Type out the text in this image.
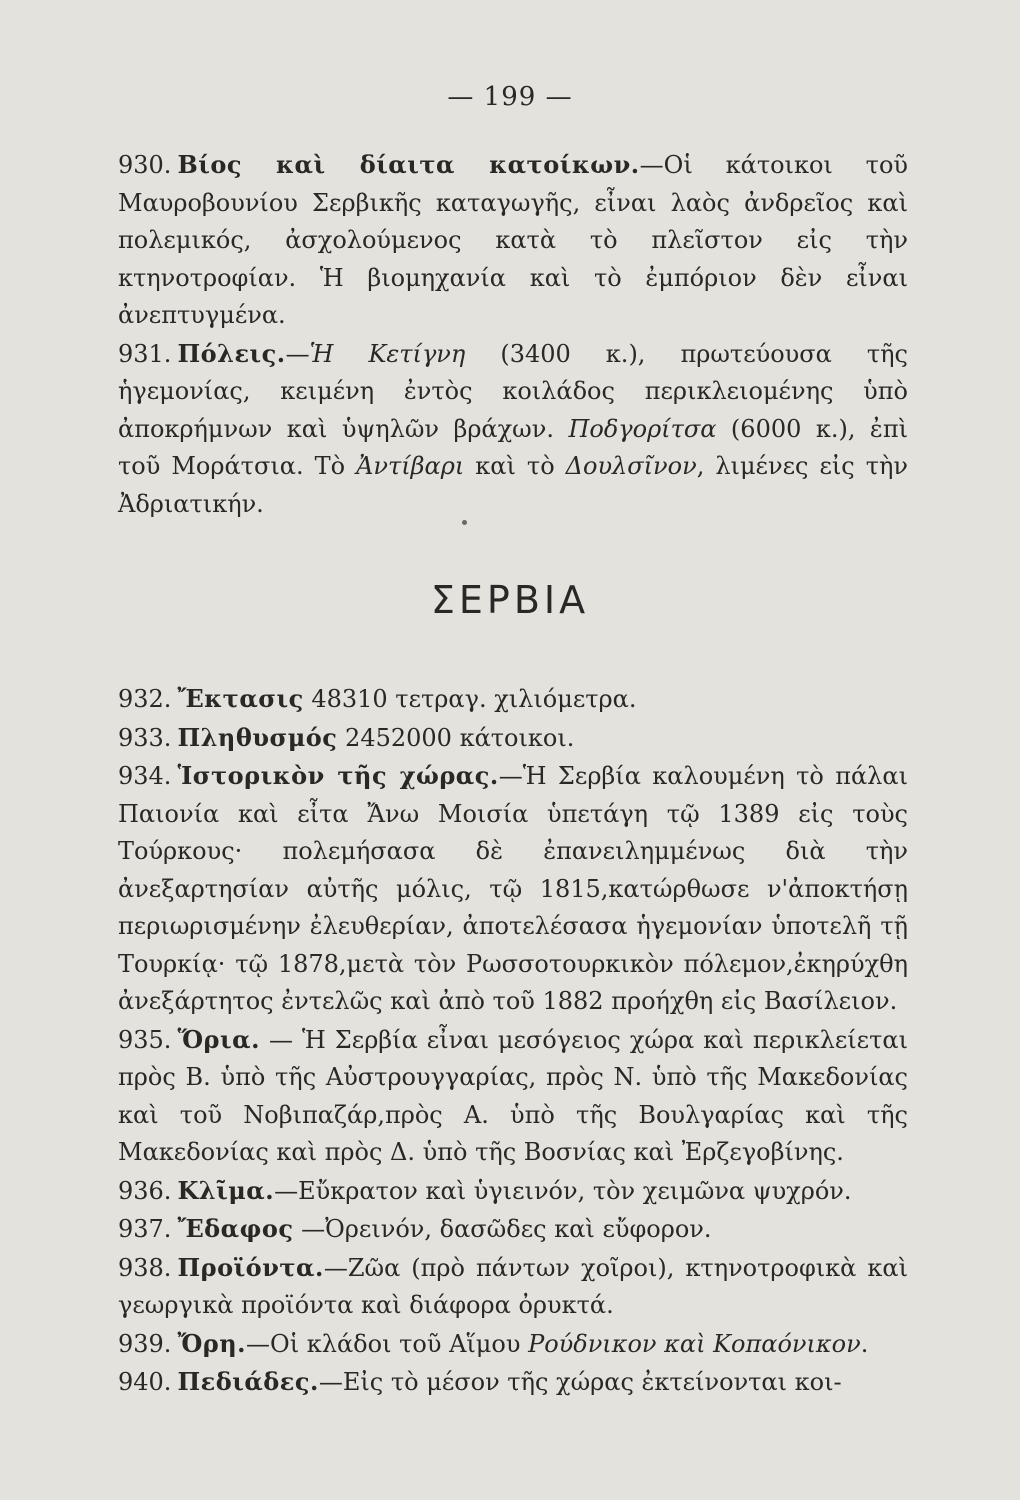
— 199 —

930. Βίος καὶ δίαιτα κατοίκων.—Οἱ κάτοικοι τοῦ Μαυροβουνίου Σερβικῆς καταγωγῆς, εἶναι λαὸς ἀνδρεῖος καὶ πολεμικός, ἀσχολούμενος κατὰ τὸ πλεῖστον εἰς τὴν κτηνοτροφίαν. Ἡ βιομηχανία καὶ τὸ ἐμπόριον δὲν εἶναι ἀνεπτυγμένα.

931. Πόλεις.—Ἡ Κετίγνη (3400 κ.), πρωτεύουσα τῆς ἡγεμονίας, κειμένη ἐντὸς κοιλάδος περικλειομένης ὑπὸ ἀποκρήμνων καὶ ὑψηλῶν βράχων. Ποδγορίτσα (6000 κ.), ἐπὶ τοῦ Μοράτσια. Τὸ Ἀντίβαρι καὶ τὸ Δουλσῖνον, λιμένες εἰς τὴν Ἀδριατικήν.

ΣΕΡΒΙΑ

932. Ἔκτασις 48310 τετραγ. χιλιόμετρα.

933. Πληθυσμός 2452000 κάτοικοι.

934. Ἱστορικὸν τῆς χώρας.—Ἡ Σερβία καλουμένη τὸ πάλαι Παιονία καὶ εἶτα Ἄνω Μοισία ὑπετάγη τῷ 1389 εἰς τοὺς Τούρκους· πολεμήσασα δὲ ἐπανειλημμένως διὰ τὴν ἀνεξαρτησίαν αὐτῆς μόλις, τῷ 1815,κατώρθωσε ν'ἀποκτήσῃ περιωρισμένην ἐλευθερίαν, ἀποτελέσασα ἡγεμονίαν ὑποτελῆ τῇ Τουρκίᾳ· τῷ 1878,μετὰ τὸν Ρωσσοτουρκικὸν πόλεμον,ἐκηρύχθη ἀνεξάρτητος ἐντελῶς καὶ ἀπὸ τοῦ 1882 προήχθη εἰς Βασίλειον.

935. Ὅρια. — Ἡ Σερβία εἶναι μεσόγειος χώρα καὶ περικλείεται πρὸς Β. ὑπὸ τῆς Αὐστρουγγαρίας, πρὸς Ν. ὑπὸ τῆς Μακεδονίας καὶ τοῦ Νοβιπαζάρ,πρὸς Α. ὑπὸ τῆς Βουλγαρίας καὶ τῆς Μακεδονίας καὶ πρὸς Δ. ὑπὸ τῆς Βοσνίας καὶ Ἐρζεγοβίνης.

936. Κλῖμα.—Εὔκρατον καὶ ὑγιεινόν, τὸν χειμῶνα ψυχρόν.

937. Ἔδαφος —Ὀρεινόν, δασῶδες καὶ εὔφορον.

938. Προϊόντα.—Ζῶα (πρὸ πάντων χοῖροι), κτηνοτροφικὰ καὶ γεωργικὰ προϊόντα καὶ διάφορα ὀρυκτά.

939. Ὄρη.—Οἱ κλάδοι τοῦ Αἵμου Ρούδνικον καὶ Κοπαόνικον.

940. Πεδιάδες.—Εἰς τὸ μέσον τῆς χώρας ἐκτείνονται κοι-
